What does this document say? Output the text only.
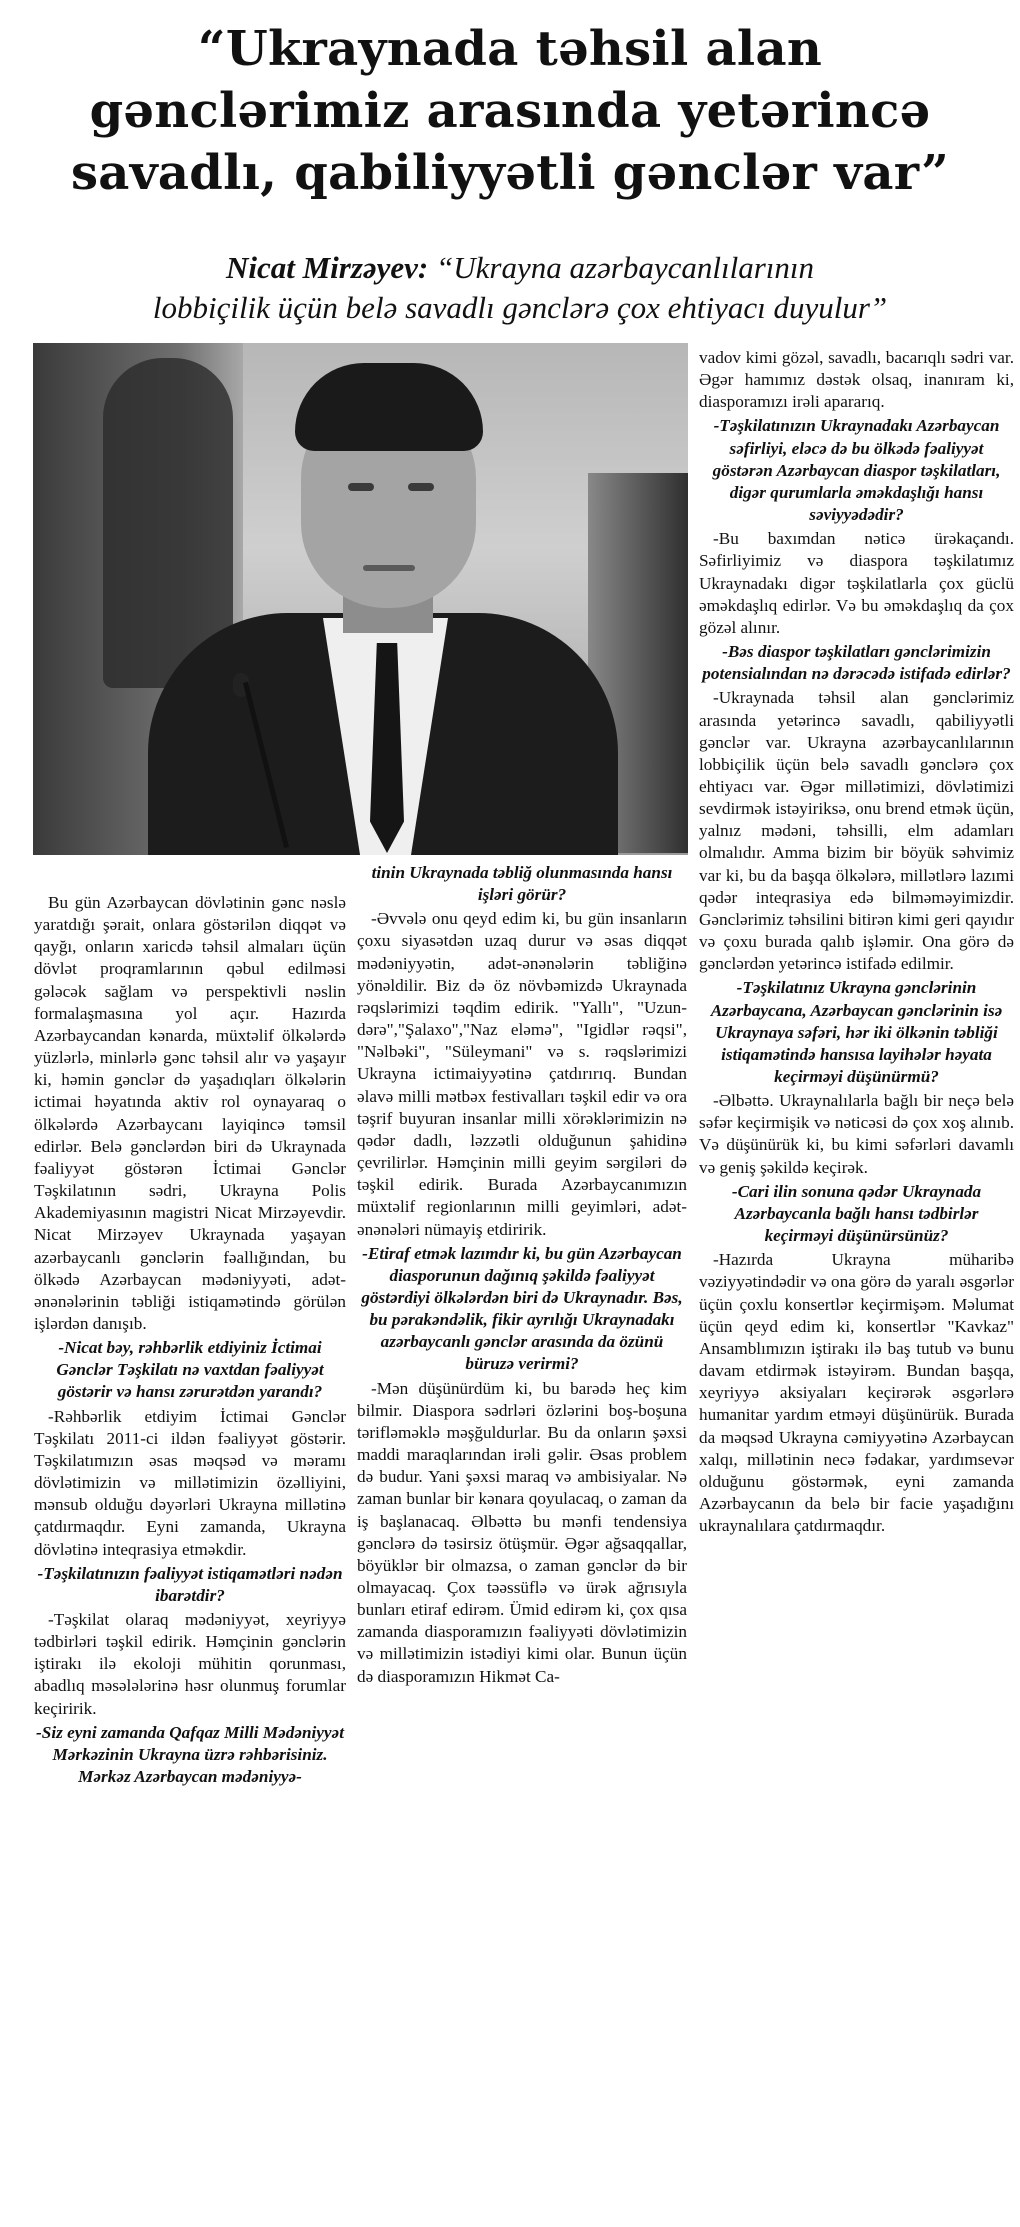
“Ukraynada təhsil alan
gənclərimiz arasında yetərincə
savadlı, qabiliyyətli gənclər var”
Nicat Mirzəyev: “Ukrayna azərbaycanlılarının
lobbiçilik üçün belə savadlı gənclərə çox ehtiyacı duyulur”

Bu gün Azərbaycan dövlətinin gənc nəslə yaratdığı şərait, onlara göstərilən diqqət və qayğı, onların xaricdə təhsil almaları üçün dövlət proqramlarının qəbul edilməsi gələcək sağlam və perspektivli nəslin formalaşmasına yol açır. Hazırda Azərbaycandan kənarda, müxtəlif ölkələrdə yüzlərlə, minlərlə gənc təhsil alır və yaşayır ki, həmin gənclər də yaşadıqları ölkələrin ictimai həyatında aktiv rol oynayaraq o ölkələrdə Azərbaycanı layiqincə təmsil edirlər. Belə gənclərdən biri də Ukraynada fəaliyyət göstərən İctimai Gənclər Təşkilatının sədri, Ukrayna Polis Akademiyasının magistri Nicat Mirzəyevdir. Nicat Mirzəyev Ukraynada yaşayan azərbaycanlı gənclərin fəallığından, bu ölkədə Azərbaycan mədəniyyəti, adət-ənənələrinin təbliği istiqamətində görülən işlərdən danışıb.

-Nicat bəy, rəhbərlik etdiyiniz İctimai Gənclər Təşkilatı nə vaxtdan fəaliyyət göstərir və hansı zərurətdən yarandı?

-Rəhbərlik etdiyim İctimai Gənclər Təşkilatı 2011-ci ildən fəaliyyət göstərir. Təşkilatımızın əsas məqsəd və məramı dövlətimizin və millətimizin özəlliyini, mənsub olduğu dəyərləri Ukrayna millətinə çatdırmaqdır. Eyni zamanda, Ukrayna dövlətinə inteqrasiya etməkdir.

-Təşkilatınızın fəaliyyət istiqamətləri nədən ibarətdir?

-Təşkilat olaraq mədəniyyət, xeyriyyə tədbirləri təşkil edirik. Həmçinin gənclərin iştirakı ilə ekoloji mühitin qorunması, abadlıq məsələlərinə həsr olunmuş forumlar keçiririk.

-Siz eyni zamanda Qafqaz Milli Mədəniyyət Mərkəzinin Ukrayna üzrə rəhbərisiniz. Mərkəz Azərbaycan mədəniyyə-

tinin Ukraynada təbliğ olunmasında hansı işləri görür?

-Əvvələ onu qeyd edim ki, bu gün insanların çoxu siyasətdən uzaq durur və əsas diqqət mədəniyyətin, adət-ənənələrin təbliğinə yönəldilir. Biz də öz növbəmizdə Ukraynada rəqslərimizi təqdim edirik. "Yallı", "Uzun-dərə","Şalaxo","Naz eləmə", "Igidlər rəqsi", "Nəlbəki", "Süleymani" və s. rəqslərimizi Ukrayna ictimaiyyətinə çatdırırıq. Bundan əlavə milli mətbəx festivalları təşkil edir və ora təşrif buyuran insanlar milli xörəklərimizin nə qədər dadlı, ləzzətli olduğunun şahidinə çevrilirlər. Həmçinin milli geyim sərgiləri də təşkil edirik. Burada Azərbaycanımızın müxtəlif regionlarının milli geyimləri, adət-ənənələri nümayiş etdiririk.

-Etiraf etmək lazımdır ki, bu gün Azərbaycan diasporunun dağınıq şəkildə fəaliyyət göstərdiyi ölkələrdən biri də Ukraynadır. Bəs, bu pərakəndəlik, fikir ayrılığı Ukraynadakı azərbaycanlı gənclər arasında da özünü büruzə verirmi?

-Mən düşünürdüm ki, bu barədə heç kim bilmir. Diaspora sədrləri özlərini boş-boşuna tərifləməklə məşğuldurlar. Bu da onların şəxsi maddi maraqlarından irəli gəlir. Əsas problem də budur. Yani şəxsi maraq və ambisiyalar. Nə zaman bunlar bir kənara qoyulacaq, o zaman da iş başlanacaq. Əlbəttə bu mənfi tendensiya gənclərə də təsirsiz ötüşmür. Əgər ağsaqqallar, böyüklər bir olmazsa, o zaman gənclər də bir olmayacaq. Çox təəssüflə və ürək ağrısıyla bunları etiraf edirəm. Ümid edirəm ki, çox qısa zamanda diasporamızın fəaliyyəti dövlətimizin və millətimizin istədiyi kimi olar. Bunun üçün də diasporamızın Hikmət Ca-

vadov kimi gözəl, savadlı, bacarıqlı sədri var. Əgər hamımız dəstək olsaq, inanıram ki, diasporamızı irəli apararıq.

-Təşkilatınızın Ukraynadakı Azərbaycan səfirliyi, eləcə də bu ölkədə fəaliyyət göstərən Azərbaycan diaspor təşkilatları, digər qurumlarla əməkdaşlığı hansı səviyyədədir?

-Bu baxımdan nəticə ürəkaçandı. Səfirliyimiz və diaspora təşkilatımız Ukraynadakı digər təşkilatlarla çox güclü əməkdaşlıq edirlər. Və bu əməkdaşlıq da çox gözəl alınır.

-Bəs diaspor təşkilatları gənclərimizin potensialından nə dərəcədə istifadə edirlər?

-Ukraynada təhsil alan gənclərimiz arasında yetərincə savadlı, qabiliyyətli gənclər var. Ukrayna azərbaycanlılarının lobbiçilik üçün belə savadlı gənclərə çox ehtiyacı var. Əgər millətimizi, dövlətimizi sevdirmək istəyiriksə, onu brend etmək üçün, yalnız mədəni, təhsilli, elm adamları olmalıdır. Amma bizim bir böyük səhvimiz var ki, bu da başqa ölkələrə, millətlərə lazımi qədər inteqrasiya edə bilməməyimizdir. Gənclərimiz təhsilini bitirən kimi geri qayıdır və çoxu burada qalıb işləmir. Ona görə də gənclərdən yetərincə istifadə edilmir.

-Təşkilatınız Ukrayna gənclərinin Azərbaycana, Azərbaycan gənclərinin isə Ukraynaya səfəri, hər iki ölkənin təbliği istiqamətində hansısa layihələr həyata keçirməyi düşünürmü?

-Əlbəttə. Ukraynalılarla bağlı bir neçə belə səfər keçirmişik və nəticəsi də çox xoş alınıb. Və düşünürük ki, bu kimi səfərləri davamlı və geniş şəkildə keçirək.

-Cari ilin sonuna qədər Ukraynada Azərbaycanla bağlı hansı tədbirlər keçirməyi düşünürsünüz?

-Hazırda Ukrayna müharibə vəziyyətindədir və ona görə də yaralı əsgərlər üçün çoxlu konsertlər keçirmişəm. Məlumat üçün qeyd edim ki, konsertlər "Kavkaz" Ansamblımızın iştirakı ilə baş tutub və bunu davam etdirmək istəyirəm. Bundan başqa, xeyriyyə aksiyaları keçirərək əsgərlərə humanitar yardım etməyi düşünürük. Burada da məqsəd Ukrayna cəmiyyətinə Azərbaycan xalqı, millətinin necə fədakar, yardımsevər olduğunu göstərmək, eyni zamanda Azərbaycanın da belə bir facie yaşadığını ukraynalılara çatdırmaqdır.
